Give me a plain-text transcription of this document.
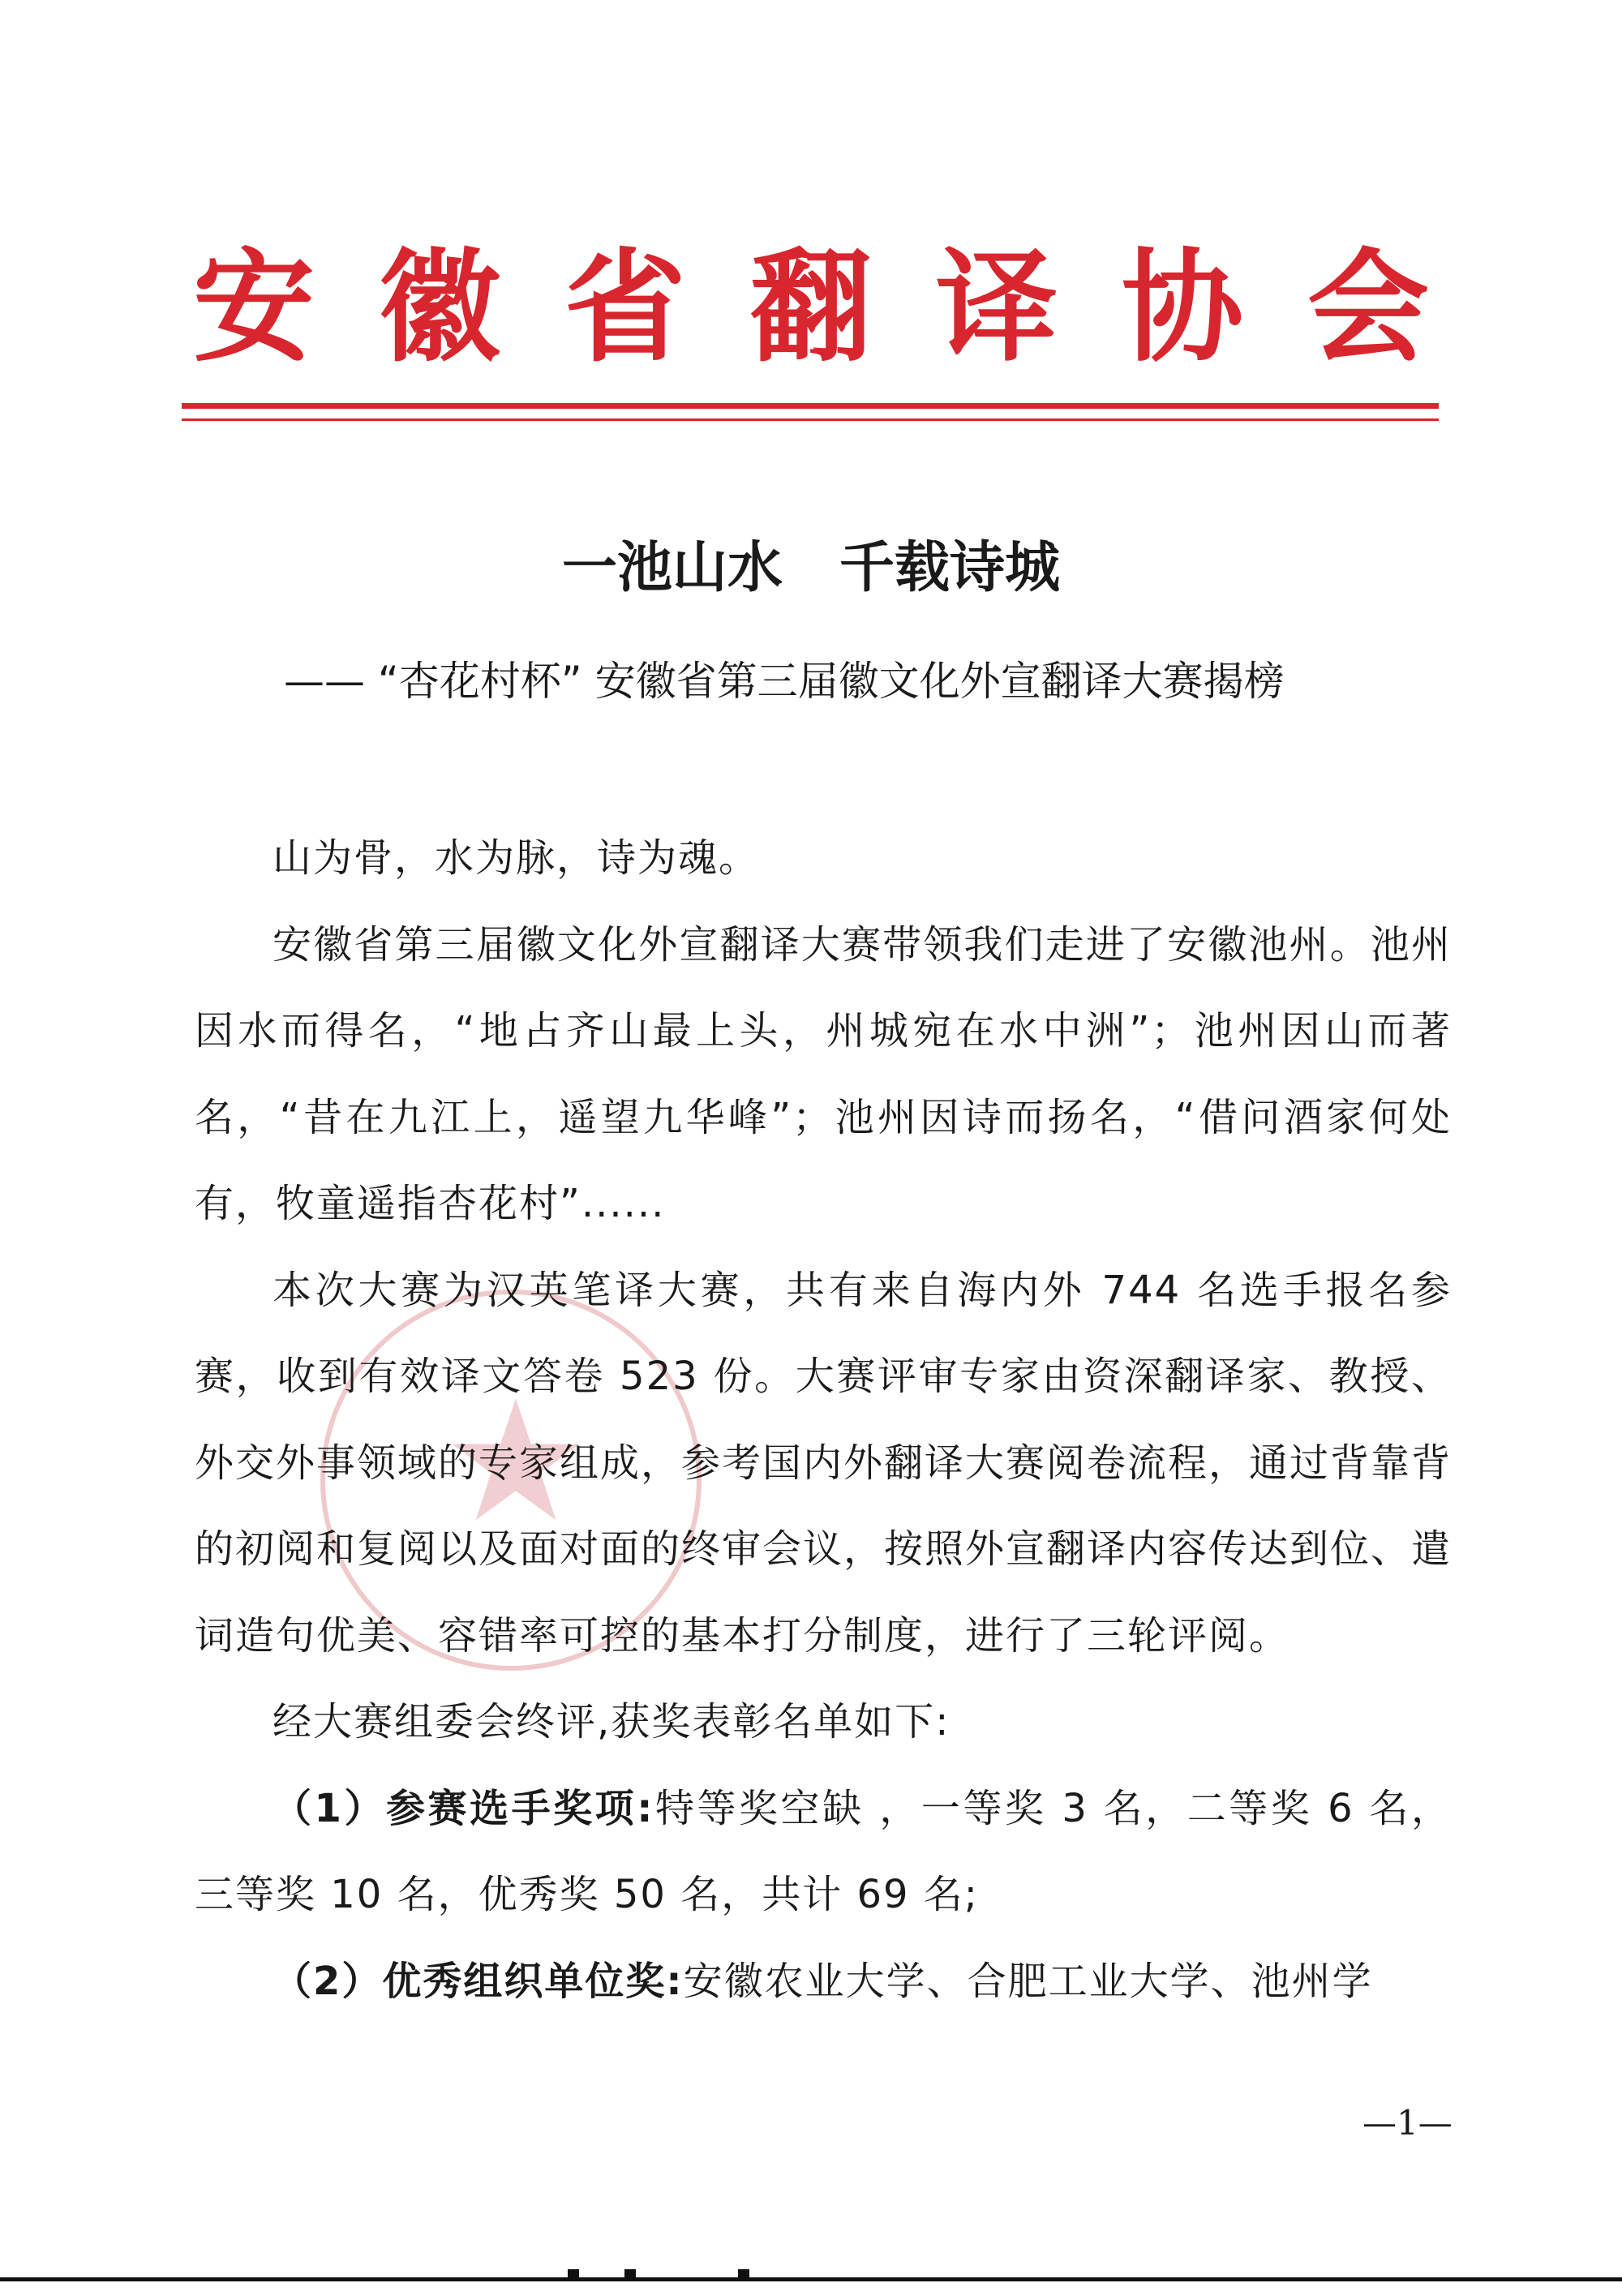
安 徽 省 翻 译 协 会
一池山水 千载诗城
—— “杏花村杯” 安徽省第三届徽文化外宣翻译大赛揭榜

山为骨，水为脉，诗为魂。

安徽省第三届徽文化外宣翻译大赛带领我们走进了安徽池州。池州因水而得名，“地占齐山最上头，州城宛在水中洲”；池州因山而著名，“昔在九江上，遥望九华峰”；池州因诗而扬名，“借问酒家何处有，牧童遥指杏花村”......

本次大赛为汉英笔译大赛，共有来自海内外 744 名选手报名参赛，收到有效译文答卷 523 份。大赛评审专家由资深翻译家、教授、外交外事领域的专家组成，参考国内外翻译大赛阅卷流程，通过背靠背的初阅和复阅以及面对面的终审会议，按照外宣翻译内容传达到位、遣词造句优美、容错率可控的基本打分制度，进行了三轮评阅。

经大赛组委会终评,获奖表彰名单如下:

（1）参赛选手奖项:特等奖空缺 ，一等奖 3 名，二等奖 6 名，三等奖 10 名，优秀奖 50 名，共计 69 名;

（2）优秀组织单位奖:安徽农业大学、合肥工业大学、池州学

—1—
